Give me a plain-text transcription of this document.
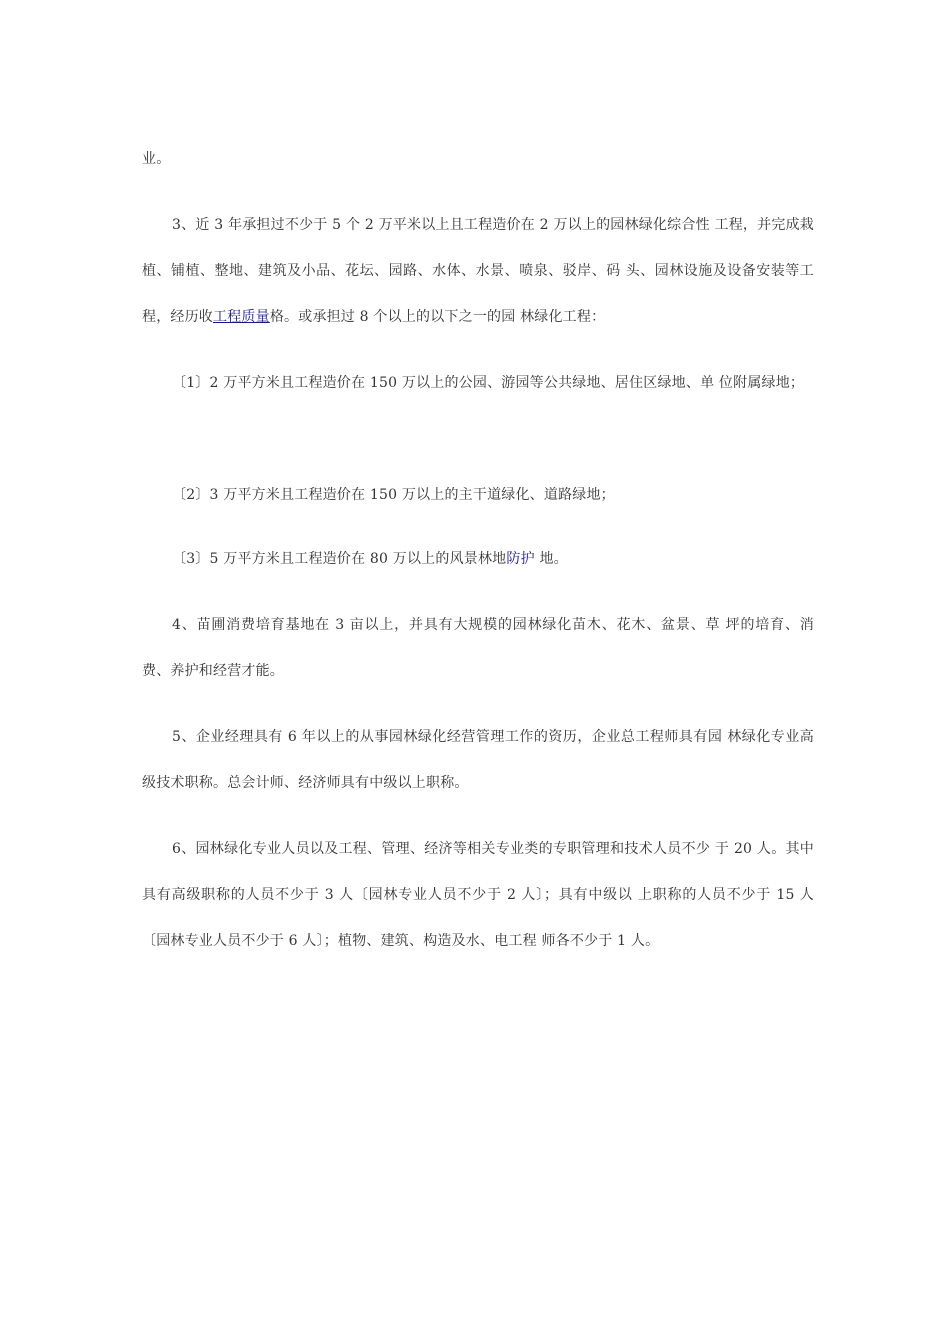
业。

3、近 3 年承担过不少于 5 个 2 万平米以上且工程造价在 2 万以上的园林绿化综合性 工程，并完成栽植、铺植、整地、建筑及小品、花坛、园路、水体、水景、喷泉、驳岸、码 头、园林设施及设备安装等工程，经历收工程质量格。或承担过 8 个以上的以下之一的园 林绿化工程：

〔1〕2 万平方米且工程造价在 150 万以上的公园、游园等公共绿地、居住区绿地、单 位附属绿地；

〔2〕3 万平方米且工程造价在 150 万以上的主干道绿化、道路绿地；

〔3〕5 万平方米且工程造价在 80 万以上的风景林地防护 地。

4、苗圃消费培育基地在 3 亩以上，并具有大规模的园林绿化苗木、花木、盆景、草 坪的培育、消费、养护和经营才能。

5、企业经理具有 6 年以上的从事园林绿化经营管理工作的资历，企业总工程师具有园 林绿化专业高级技术职称。总会计师、经济师具有中级以上职称。

6、园林绿化专业人员以及工程、管理、经济等相关专业类的专职管理和技术人员不少 于 20 人。其中具有高级职称的人员不少于 3 人〔园林专业人员不少于 2 人〕；具有中级以 上职称的人员不少于 15 人〔园林专业人员不少于 6 人〕；植物、建筑、构造及水、电工程 师各不少于 1 人。
